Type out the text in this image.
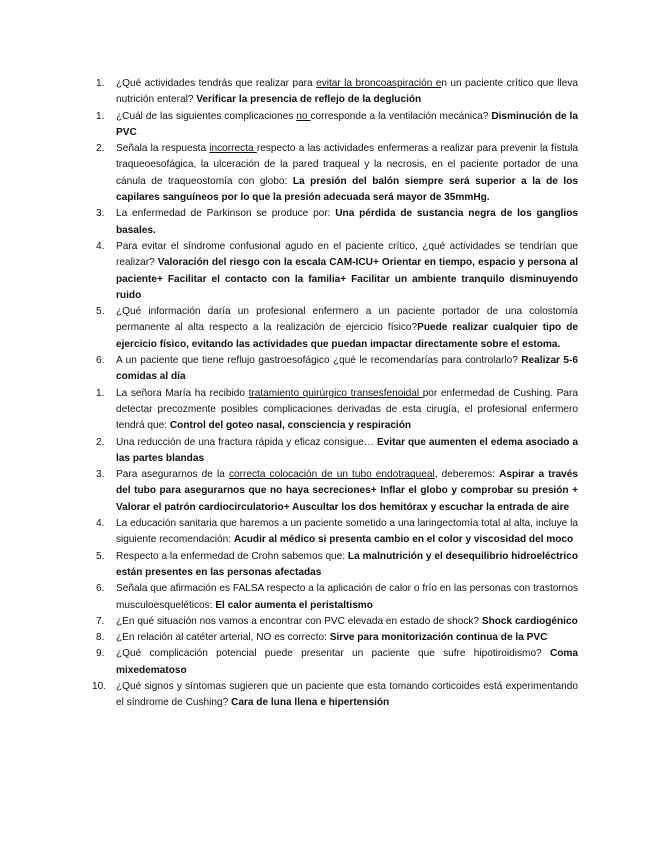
1.	¿Qué actividades tendrás que realizar para evitar la broncoaspiración en un paciente crítico que lleva nutrición enteral? Verificar la presencia de reflejo de la deglución
1.	¿Cuál de las siguientes complicaciones no corresponde a la ventilación mecánica? Disminución de la PVC
2.	Señala la respuesta incorrecta respecto a las actividades enfermeras a realizar para prevenir la fístula traqueoesofágica, la ulceración de la pared traqueal y la necrosis, en el paciente portador de una cánula de traqueostomía con globo: La presión del balón siempre será superior a la de los capilares sanguíneos por lo que la presión adecuada será mayor de 35mmHg.
3.	La enfermedad de Parkinson se produce por: Una pérdida de sustancia negra de los ganglios basales.
4.	Para evitar el síndrome confusional agudo en el paciente crítico, ¿qué actividades se tendrían que realizar? Valoración del riesgo con la escala CAM-ICU+ Orientar en tiempo, espacio y persona al paciente+ Facilitar el contacto con la familia+ Facilitar un ambiente tranquilo disminuyendo ruido
5.	¿Qué información daría un profesional enfermero a un paciente portador de una colostomía permanente al alta respecto a la realización de ejercicio físico?Puede realizar cualquier tipo de ejercicio físico, evitando las actividades que puedan impactar directamente sobre el estoma.
6.	A un paciente que tiene reflujo gastroesofágico ¿qué le recomendarías para controlarlo? Realizar 5-6 comidas al día
1.	La señora María ha recibido tratamiento quirúrgico transesfenoidal por enfermedad de Cushing. Para detectar precozmente posibles complicaciones derivadas de esta cirugía, el profesional enfermero tendrá que: Control del goteo nasal, consciencia y respiración
2.	Una reducción de una fractura rápida y eficaz consigue… Evitar que aumenten el edema asociado a las partes blandas
3.	Para asegurarnos de la correcta colocación de un tubo endotraqueal, deberemos: Aspirar a través del tubo para asegurarnos que no haya secreciones+ Inflar el globo y comprobar su presión + Valorar el patrón cardiocirculatorio+ Auscultar los dos hemitórax y escuchar la entrada de aire
4.	La educación sanitaria que haremos a un paciente sometido a una laringectomía total al alta, incluye la siguiente recomendación: Acudir al médico si presenta cambio en el color y viscosidad del moco
5.	Respecto a la enfermedad de Crohn sabemos que: La malnutrición y el desequilibrio hidroeléctrico están presentes en las personas afectadas
6.	Señala que afirmación es FALSA respecto a la aplicación de calor o frío en las personas con trastornos musculoesqueléticos: El calor aumenta el peristaltismo
7.	¿En qué situación nos vamos a encontrar con PVC elevada en estado de shock? Shock cardiogénico
8.	¿En relación al catéter arterial, NO es correcto: Sirve para monitorización continua de la PVC
9.	¿Qué complicación potencial puede presentar un paciente que sufre hipotiroidismo? Coma mixedematoso
10. ¿Qué signos y síntomas sugieren que un paciente que esta tomando corticoides está experimentando el síndrome de Cushing? Cara de luna llena e hipertensión
